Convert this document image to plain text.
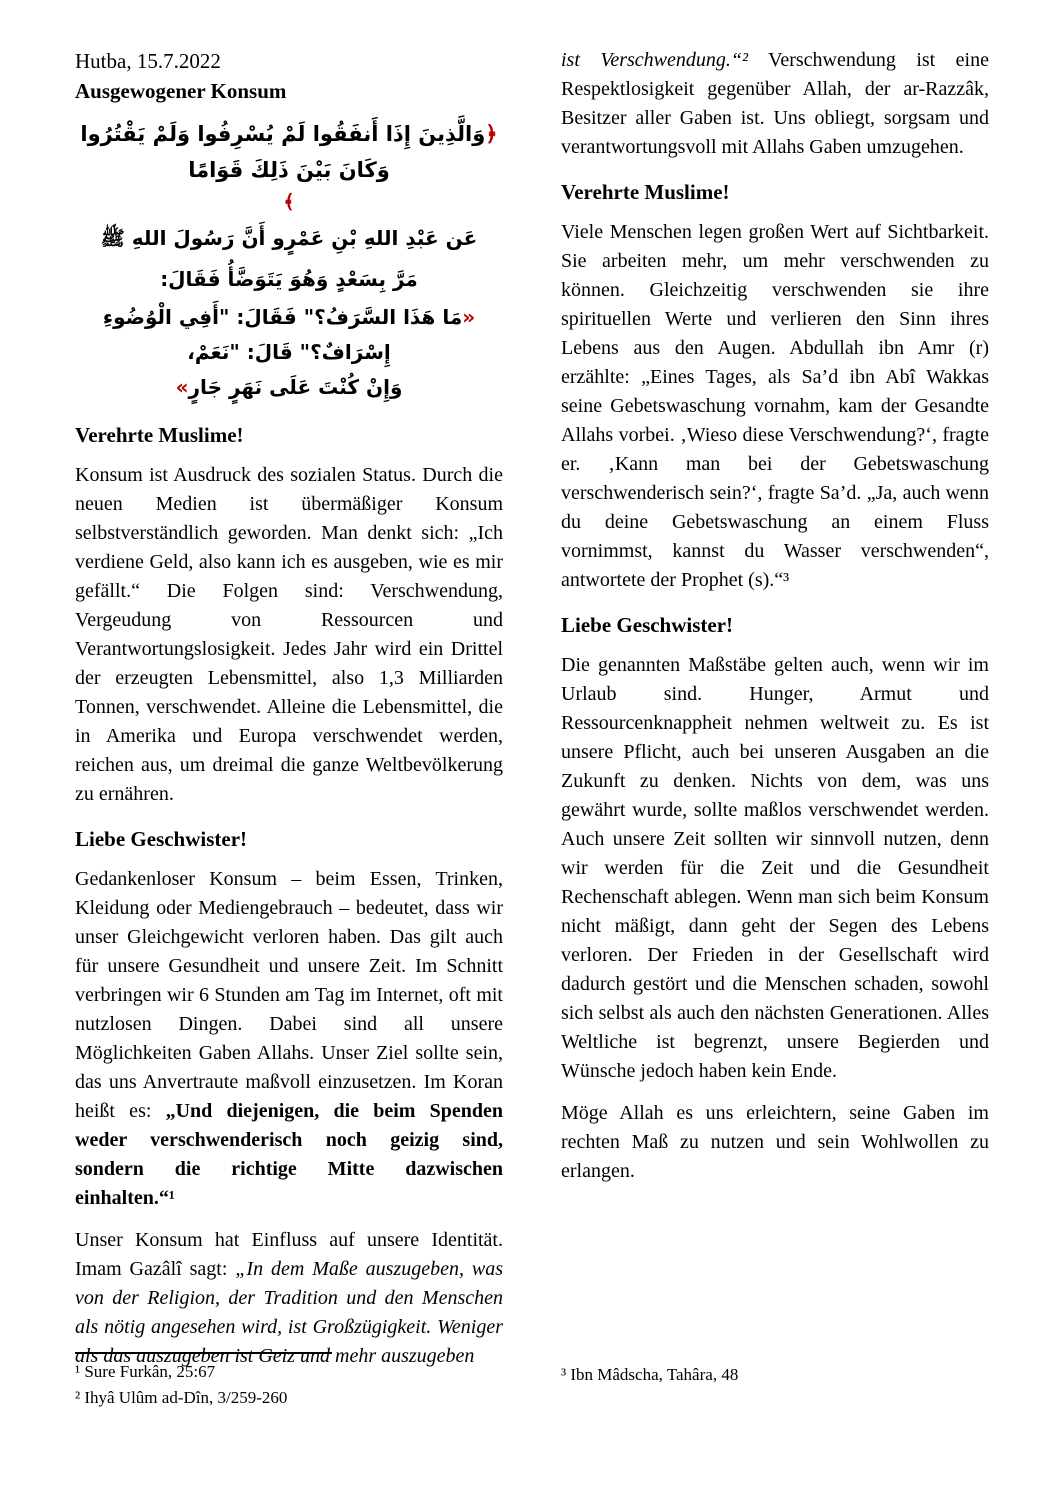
Hutba, 15.7.2022

Ausgewogener Konsum

﴿وَالَّذِينَ إِذَا أَنفَقُوا لَمْ يُسْرِفُوا وَلَمْ يَقْتُرُوا وَكَانَ بَيْنَ ذَلِكَ قَوَامًا

﴾

عَن عَبْدِ اللهِ بْنِ عَمْرٍو أَنَّ رَسُولَ اللهِ ﷺ

مَرَّ بِسَعْدٍ وَهُوَ يَتَوَضَّأُ فَقَالَ:

«مَا هَذَا السَّرَفُ؟" فَقَالَ: "أَفِي الْوُضُوءِ إِسْرَافٌ؟" قَالَ: "نَعَمْ،
وَإِنْ كُنْتَ عَلَى نَهَرٍ جَارٍ»

Verehrte Muslime!

Konsum ist Ausdruck des sozialen Status. Durch die neuen Medien ist übermäßiger Konsum selbstverständlich geworden. Man denkt sich: „Ich verdiene Geld, also kann ich es ausgeben, wie es mir gefällt.“ Die Folgen sind: Verschwendung, Vergeudung von Ressourcen und Verantwortungslosigkeit. Jedes Jahr wird ein Drittel der erzeugten Lebensmittel, also 1,3 Milliarden Tonnen, verschwendet. Alleine die Lebensmittel, die in Amerika und Europa verschwendet werden, reichen aus, um dreimal die ganze Weltbevölkerung zu ernähren.

Liebe Geschwister!

Gedankenloser Konsum – beim Essen, Trinken, Kleidung oder Mediengebrauch – bedeutet, dass wir unser Gleichgewicht verloren haben. Das gilt auch für unsere Gesundheit und unsere Zeit. Im Schnitt verbringen wir 6 Stunden am Tag im Internet, oft mit nutzlosen Dingen. Dabei sind all unsere Möglichkeiten Gaben Allahs. Unser Ziel sollte sein, das uns Anvertraute maßvoll einzusetzen. Im Koran heißt es: „Und diejenigen, die beim Spenden weder verschwenderisch noch geizig sind, sondern die richtige Mitte dazwischen einhalten.“¹

Unser Konsum hat Einfluss auf unsere Identität. Imam Gazâlî sagt: „In dem Maße auszugeben, was von der Religion, der Tradition und den Menschen als nötig angesehen wird, ist Großzügigkeit. Weniger als das auszugeben ist Geiz und mehr auszugeben

ist Verschwendung.“² Verschwendung ist eine Respektlosigkeit gegenüber Allah, der ar-Razzâk, Besitzer aller Gaben ist. Uns obliegt, sorgsam und verantwortungsvoll mit Allahs Gaben umzugehen.

Verehrte Muslime!

Viele Menschen legen großen Wert auf Sichtbarkeit. Sie arbeiten mehr, um mehr verschwenden zu können. Gleichzeitig verschwenden sie ihre spirituellen Werte und verlieren den Sinn ihres Lebens aus den Augen. Abdullah ibn Amr (r) erzählte: „Eines Tages, als Sa’d ibn Abî Wakkas seine Gebetswaschung vornahm, kam der Gesandte Allahs vorbei. ‚Wieso diese Verschwendung?‘, fragte er. ‚Kann man bei der Gebetswaschung verschwenderisch sein?‘, fragte Sa’d. „Ja, auch wenn du deine Gebetswaschung an einem Fluss vornimmst, kannst du Wasser verschwenden“, antwortete der Prophet (s).“³

Liebe Geschwister!

Die genannten Maßstäbe gelten auch, wenn wir im Urlaub sind. Hunger, Armut und Ressourcenknappheit nehmen weltweit zu. Es ist unsere Pflicht, auch bei unseren Ausgaben an die Zukunft zu denken. Nichts von dem, was uns gewährt wurde, sollte maßlos verschwendet werden. Auch unsere Zeit sollten wir sinnvoll nutzen, denn wir werden für die Zeit und die Gesundheit Rechenschaft ablegen. Wenn man sich beim Konsum nicht mäßigt, dann geht der Segen des Lebens verloren. Der Frieden in der Gesellschaft wird dadurch gestört und die Menschen schaden, sowohl sich selbst als auch den nächsten Generationen. Alles Weltliche ist begrenzt, unsere Begierden und Wünsche jedoch haben kein Ende.

Möge Allah es uns erleichtern, seine Gaben im rechten Maß zu nutzen und sein Wohlwollen zu erlangen.

¹ Sure Furkân, 25:67

² Ihyâ Ulûm ad-Dîn, 3/259-260

³ Ibn Mâdscha, Tahâra, 48
